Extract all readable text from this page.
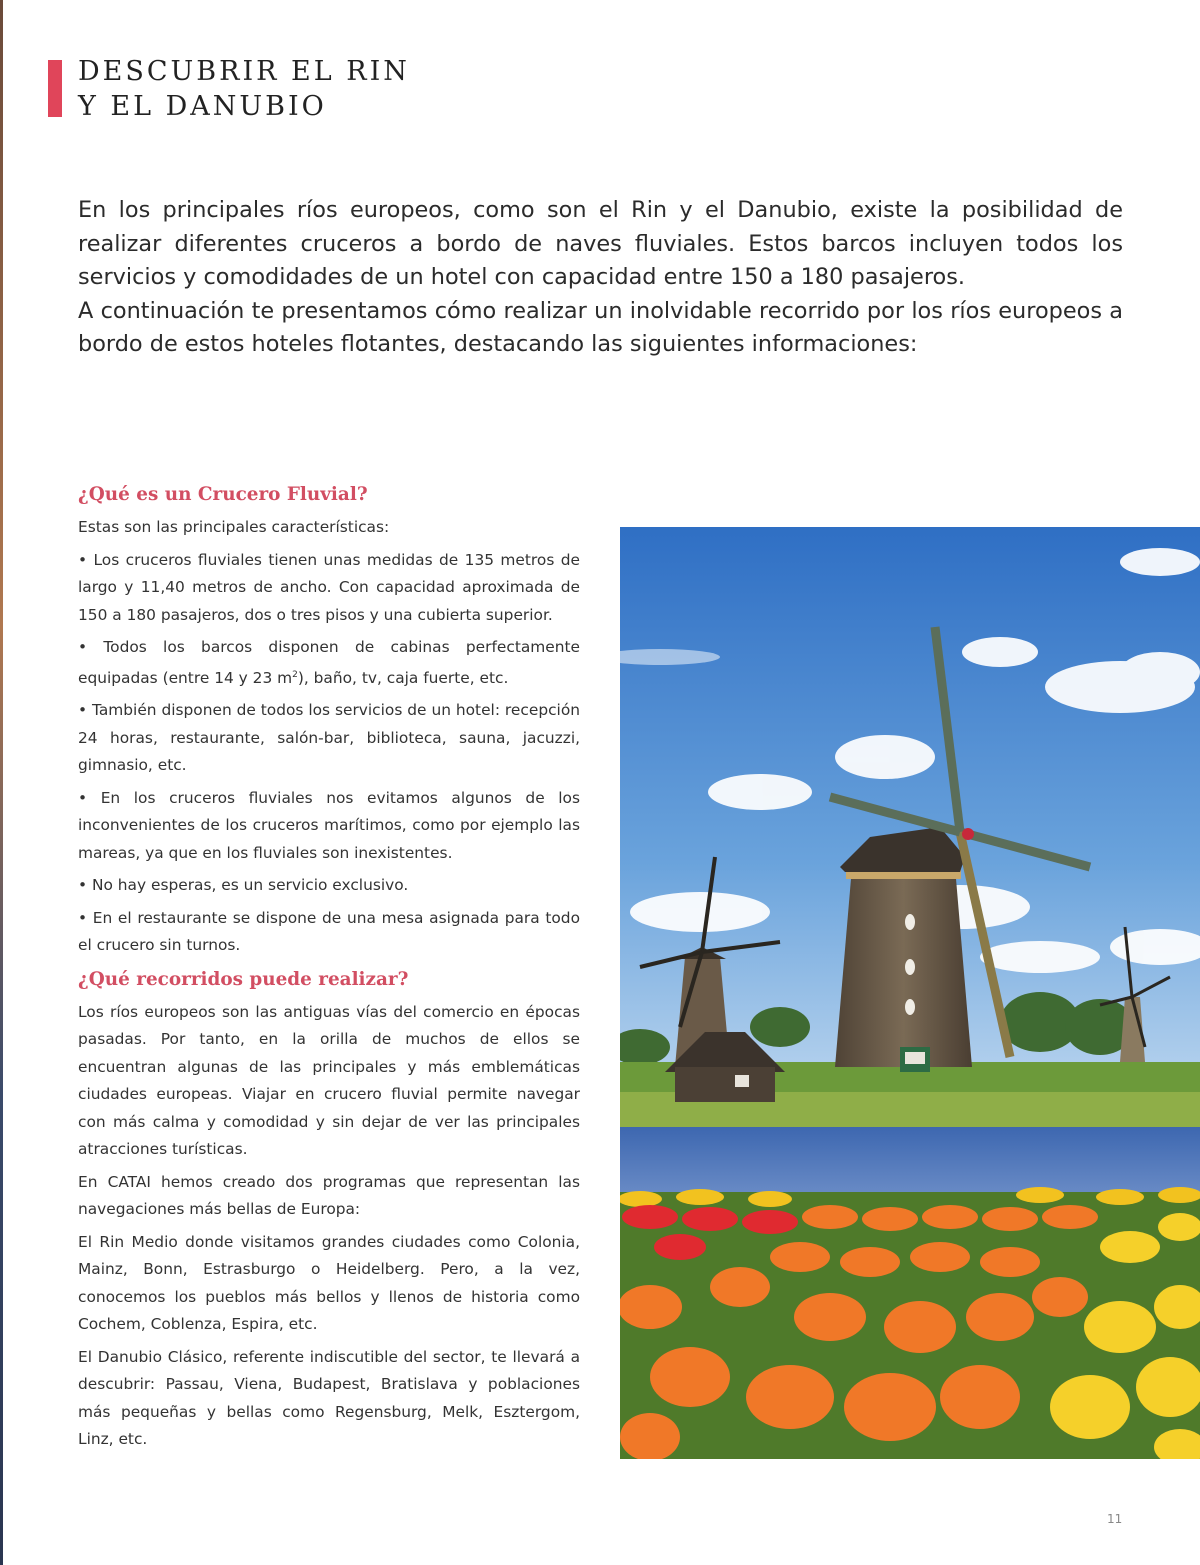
DESCUBRIR EL RIN
Y EL DANUBIO

En los principales ríos europeos, como son el Rin y el Danubio, existe la posibilidad de realizar diferentes cruceros a bordo de naves fluviales. Estos barcos incluyen todos los servicios y comodidades de un hotel con capacidad entre 150 a 180 pasajeros.

A continuación te presentamos cómo realizar un inolvidable recorrido por los ríos europeos a bordo de estos hoteles flotantes, destacando las siguientes informaciones:

¿Qué es un Crucero Fluvial?

Estas son las principales características:

• Los cruceros fluviales tienen unas medidas de 135 metros de largo y 11,40 metros de ancho. Con capacidad aproximada de 150 a 180 pasajeros, dos o tres pisos y una cubierta superior.

• Todos los barcos disponen de cabinas perfectamente equipadas (entre 14 y 23 $m^2$), baño, tv, caja fuerte, etc.

• También disponen de todos los servicios de un hotel: recepción 24 horas, restaurante, salón-bar, biblioteca, sauna, jacuzzi, gimnasio, etc.

• En los cruceros fluviales nos evitamos algunos de los inconvenientes de los cruceros marítimos, como por ejemplo las mareas, ya que en los fluviales son inexistentes.

• No hay esperas, es un servicio exclusivo.

• En el restaurante se dispone de una mesa asignada para todo el crucero sin turnos.

¿Qué recorridos puede realizar?

Los ríos europeos son las antiguas vías del comercio en épocas pasadas. Por tanto, en la orilla de muchos de ellos se encuentran algunas de las principales y más emblemáticas ciudades europeas. Viajar en crucero fluvial permite navegar con más calma y comodidad y sin dejar de ver las principales atracciones turísticas.

En CATAI hemos creado dos programas que representan las navegaciones más bellas de Europa:

El Rin Medio donde visitamos grandes ciudades como Colonia, Mainz, Bonn, Estrasburgo o Heidelberg. Pero, a la vez, conocemos los pueblos más bellos y llenos de historia como Cochem, Coblenza, Espira, etc.

El Danubio Clásico, referente indiscutible del sector, te llevará a descubrir: Passau, Viena, Budapest, Bratislava y poblaciones más pequeñas y bellas como Regensburg, Melk, Esztergom, Linz, etc.

11
